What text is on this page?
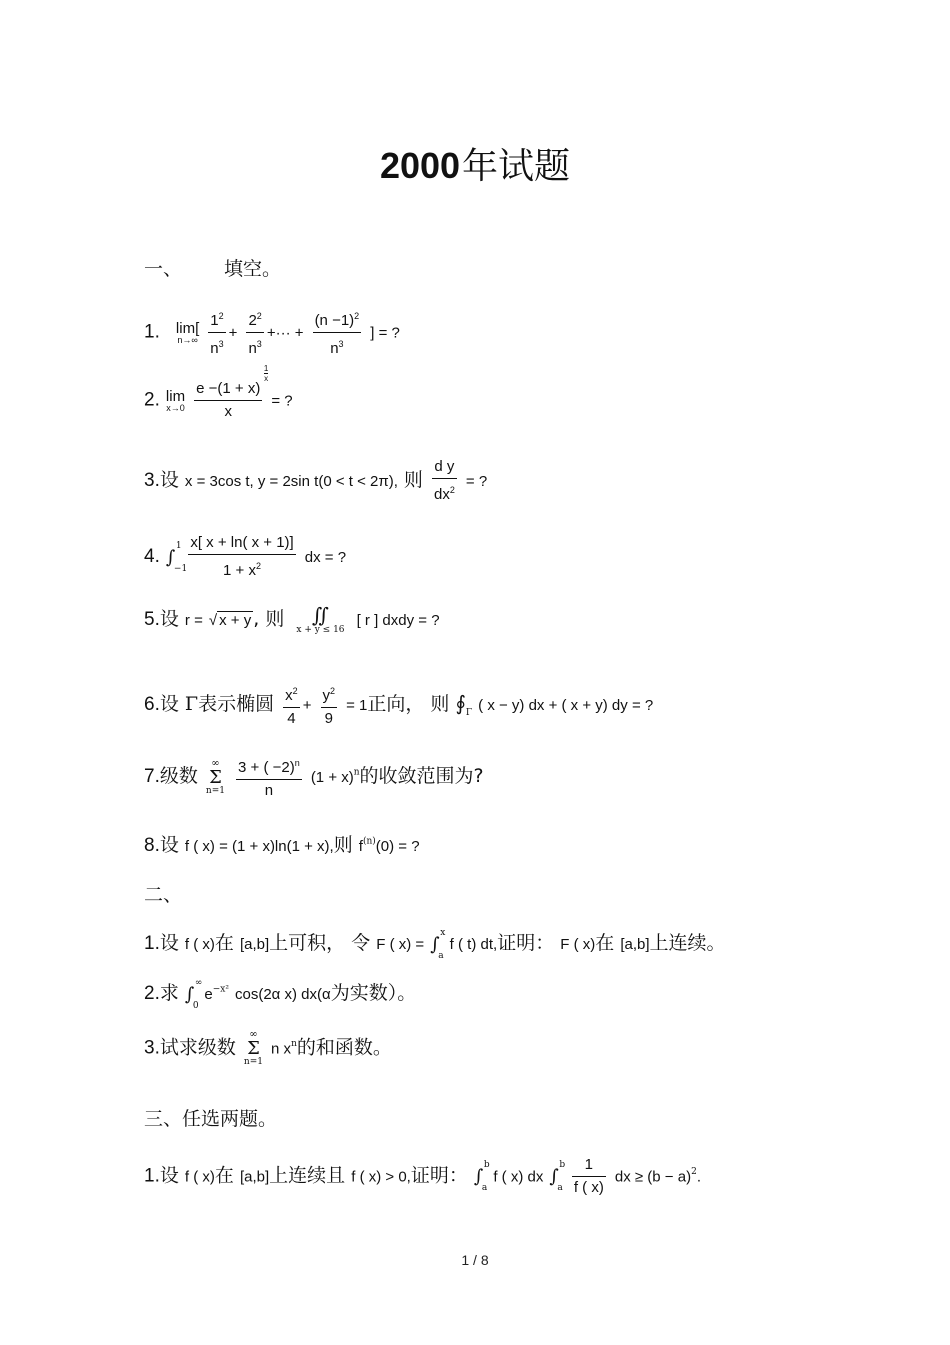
2000年试题
一、 填空。
1. lim[
n→∞
$\frac{1^2}{n^3} + \frac{2^2}{n^3}$ +··· + $\frac{(n -1)^2}{n^3}$ ] = ?
2. lim
x→0
e −(1 + x)
$\frac{1}{x}$
x = ?
3.设 x = 3cos t, y = 2sin t(0 < t < 2π), 则 $\frac{\text{d y}}{dx^2}$ = ?
4. ∫
1
−1
$\frac{x[ x + \ln( x + 1)]}{1 + x^2}$ dx = ?
5.设 r = √ x + y , 则 ∬
x + y ≤ 16
[ r ] dxdy = ?
6.设 Γ表示椭圆 $\frac{x^2}{4} + \frac{y^2}{9} = 1$正向， 则 $∮_\Gamma$ ( x − y) dx + ( x + y) dy = ?
7.级数
∞
Σ
n=1
$\frac{3 + ( -2)^n}{n} (1 + x)^n$的收敛范围为?
8.设 f ( x) = (1 + x)ln(1 + x),则 $f^{(n)}(0)$ = ?
二、
1.设 f ( x)在 [a,b]上可积， 令 F ( x) = ∫
x
a
f ( t) dt,证明： F ( x)在 [a,b]上连续。
2.求 ∫
∞
0
$e^{-x^2}$ cos(2α x) dx(α为实数）。
3.试求级数
∞
Σ
n=1
n $x^n$的和函数。
三、任选两题。
1.设 f ( x)在 [a,b]上连续且 f ( x) > 0,证明： ∫
b
a
f ( x) dx ∫
b
a
$\frac{1}{f ( x)}$ dx ≥ $(b - a)^2$.
1 / 8
